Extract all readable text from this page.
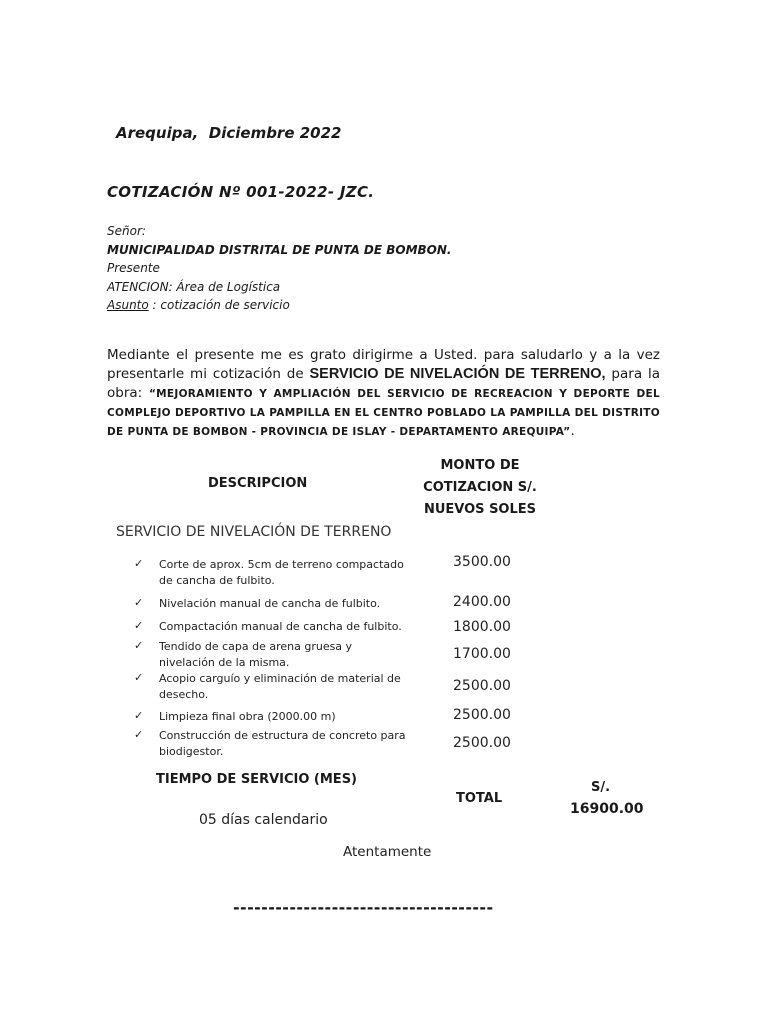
Arequipa,  Diciembre 2022
COTIZACIÓN Nº 001-2022- JZC.
Señor:
MUNICIPALIDAD DISTRITAL DE PUNTA DE BOMBON.
Presente
ATENCION: Área de Logística
Asunto : cotización de servicio
Mediante el presente me es grato dirigirme a Usted. para saludarlo y a la vez presentarle mi cotización de SERVICIO DE NIVELACIÓN DE TERRENO, para la obra: “MEJORAMIENTO Y AMPLIACIÓN DEL SERVICIO DE RECREACION Y DEPORTE DEL COMPLEJO DEPORTIVO LA PAMPILLA EN EL CENTRO POBLADO LA PAMPILLA DEL DISTRITO DE PUNTA DE BOMBON - PROVINCIA DE ISLAY - DEPARTAMENTO AREQUIPA”.
DESCRIPCION
MONTO DE COTIZACION S/. NUEVOS SOLES
SERVICIO DE NIVELACIÓN DE TERRENO
✓ Corte de aprox. 5cm de terreno compactado de cancha de fulbito.
3500.00
✓ Nivelación manual de cancha de fulbito.	2400.00
✓ Compactación manual de cancha de fulbito.	1800.00
✓ Tendido de capa de arena gruesa y nivelación de la misma.
1700.00
✓ Acopio carguío y eliminación de material de desecho.
2500.00
✓ Limpieza final obra (2000.00 m)	2500.00
✓ Construcción de estructura de concreto para biodigestor.
2500.00
TIEMPO DE SERVICIO (MES)
05 días calendario
TOTAL
S/.
16900.00
Atentamente
-------------------------------------
